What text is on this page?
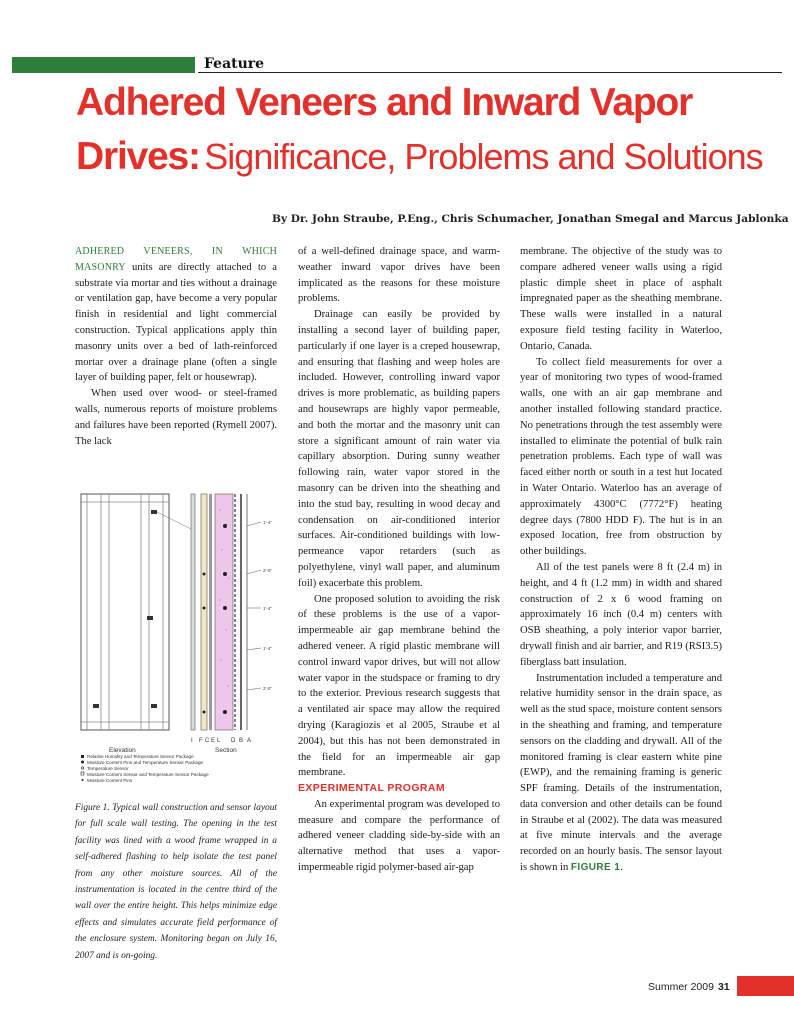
Feature
Adhered Veneers and Inward Vapor Drives: Significance, Problems and Solutions
By Dr. John Straube, P.Eng., Chris Schumacher, Jonathan Smegal and Marcus Jablonka

ADHERED VENEERS, IN WHICH MASONRY units are directly attached to a substrate via mortar and ties without a drainage or ventilation gap, have become a very popular finish in residential and light commercial construction. Typical applications apply thin masonry units over a bed of lath-reinforced mortar over a drainage plane (often a single layer of building paper, felt or housewrap).

When used over wood- or steel-framed walls, numerous reports of moisture problems and failures have been reported (Rymell 2007). The lack

1'-4"
2'-0"
1'-4"
1'-4"
2'-0"
I F C E L D B A
Elevation	Section
Relative Humidity and Temperature Sensor Package
Moisture Content Pins and Temperature Sensor Package
Temperature Sensor
Moisture Content Sensor and Temperature Sensor Package
Moisture Content Pins
Figure 1. Typical wall construction and sensor layout for full scale wall testing. The opening in the test facility was lined with a wood frame wrapped in a self-adhered flashing to help isolate the test panel from any other moisture sources. All of the instrumentation is located in the centre third of the wall over the entire height. This helps minimize edge effects and simulates accurate field performance of the enclosure system. Monitoring began on July 16, 2007 and is on-going.

of a well-defined drainage space, and warm-weather inward vapor drives have been implicated as the reasons for these moisture problems.

Drainage can easily be provided by installing a second layer of building paper, particularly if one layer is a creped housewrap, and ensuring that flashing and weep holes are included. However, controlling inward vapor drives is more problematic, as building papers and housewraps are highly vapor permeable, and both the mortar and the masonry unit can store a significant amount of rain water via capillary absorption. During sunny weather following rain, water vapor stored in the masonry can be driven into the sheathing and into the stud bay, resulting in wood decay and condensation on air-conditioned interior surfaces. Air-conditioned buildings with low-permeance vapor retarders (such as polyethylene, vinyl wall paper, and aluminum foil) exacerbate this problem.

One proposed solution to avoiding the risk of these problems is the use of a vapor-impermeable air gap membrane behind the adhered veneer. A rigid plastic membrane will control inward vapor drives, but will not allow water vapor in the studspace or framing to dry to the exterior. Previous research suggests that a ventilated air space may allow the required drying (Karagiozis et al 2005, Straube et al 2004), but this has not been demonstrated in the field for an impermeable air gap membrane.

EXPERIMENTAL PROGRAM

An experimental program was developed to measure and compare the performance of adhered veneer cladding side-by-side with an alternative method that uses a vapor-impermeable rigid polymer-based air-gap

membrane. The objective of the study was to compare adhered veneer walls using a rigid plastic dimple sheet in place of asphalt impregnated paper as the sheathing membrane. These walls were installed in a natural exposure field testing facility in Waterloo, Ontario, Canada.

To collect field measurements for over a year of monitoring two types of wood-framed walls, one with an air gap membrane and another installed following standard practice. No penetrations through the test assembly were installed to eliminate the potential of bulk rain penetration problems. Each type of wall was faced either north or south in a test hut located in Water Ontario. Waterloo has an average of approximately 4300°C (7772°F) heating degree days (7800 HDD F). The hut is in an exposed location, free from obstruction by other buildings.

All of the test panels were 8 ft (2.4 m) in height, and 4 ft (1.2 mm) in width and shared construction of 2 x 6 wood framing on approximately 16 inch (0.4 m) centers with OSB sheathing, a poly interior vapor barrier, drywall finish and air barrier, and R19 (RSI3.5) fiberglass batt insulation.

Instrumentation included a temperature and relative humidity sensor in the drain space, as well as the stud space, moisture content sensors in the sheathing and framing, and temperature sensors on the cladding and drywall. All of the monitored framing is clear eastern white pine (EWP), and the remaining framing is generic SPF framing. Details of the instrumentation, data conversion and other details can be found in Straube et al (2002). The data was measured at five minute intervals and the average recorded on an hourly basis. The sensor layout is shown in FIGURE 1.

Summer 2009 31
